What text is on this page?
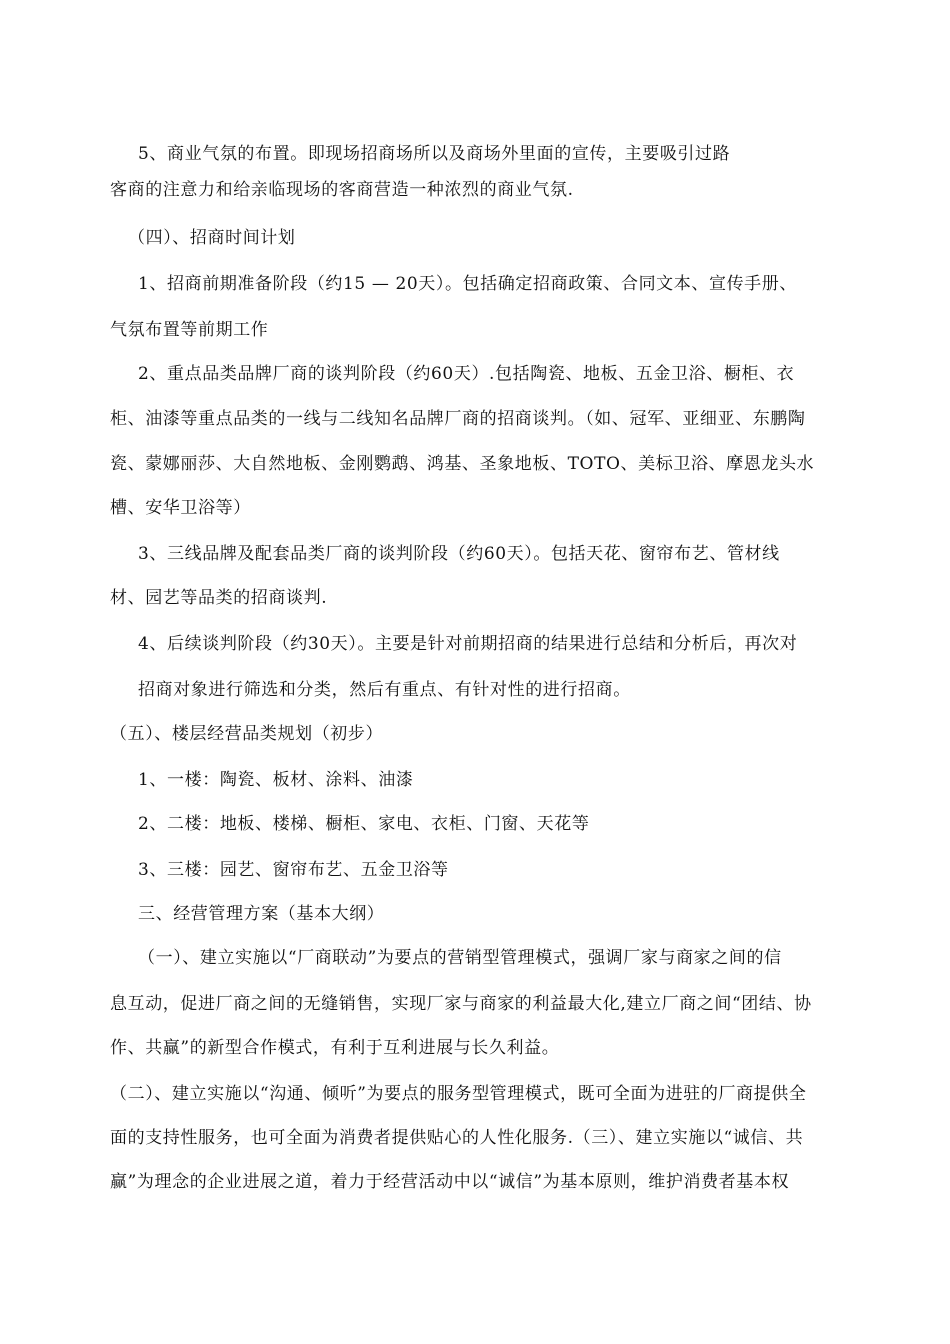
5、商业气氛的布置。即现场招商场所以及商场外里面的宣传，主要吸引过路

客商的注意力和给亲临现场的客商营造一种浓烈的商业气氛.

（四）、招商时间计划

1、招商前期准备阶段（约15 — 20天）。包括确定招商政策、合同文本、宣传手册、

气氛布置等前期工作

2、重点品类品牌厂商的谈判阶段（约60天）.包括陶瓷、地板、五金卫浴、橱柜、衣

柜、油漆等重点品类的一线与二线知名品牌厂商的招商谈判。（如、冠军、亚细亚、东鹏陶

瓷、蒙娜丽莎、大自然地板、金刚鹦鹉、鸿基、圣象地板、TOTO、美标卫浴、摩恩龙头水

槽、安华卫浴等）

3、三线品牌及配套品类厂商的谈判阶段（约60天）。包括天花、窗帘布艺、管材线

材、园艺等品类的招商谈判.

4、后续谈判阶段（约30天）。主要是针对前期招商的结果进行总结和分析后，再次对

招商对象进行筛选和分类，然后有重点、有针对性的进行招商。

（五）、楼层经营品类规划（初步）

1、一楼：陶瓷、板材、涂料、油漆

2、二楼：地板、楼梯、橱柜、家电、衣柜、门窗、天花等

3、三楼：园艺、窗帘布艺、五金卫浴等

三、经营管理方案（基本大纲）

（一）、建立实施以“厂商联动”为要点的营销型管理模式，强调厂家与商家之间的信

息互动，促进厂商之间的无缝销售，实现厂家与商家的利益最大化,建立厂商之间“团结、协

作、共赢”的新型合作模式，有利于互利进展与长久利益。

（二）、建立实施以“沟通、倾听”为要点的服务型管理模式，既可全面为进驻的厂商提供全

面的支持性服务，也可全面为消费者提供贴心的人性化服务.（三）、建立实施以“诚信、共

赢”为理念的企业进展之道，着力于经营活动中以“诚信”为基本原则，维护消费者基本权
